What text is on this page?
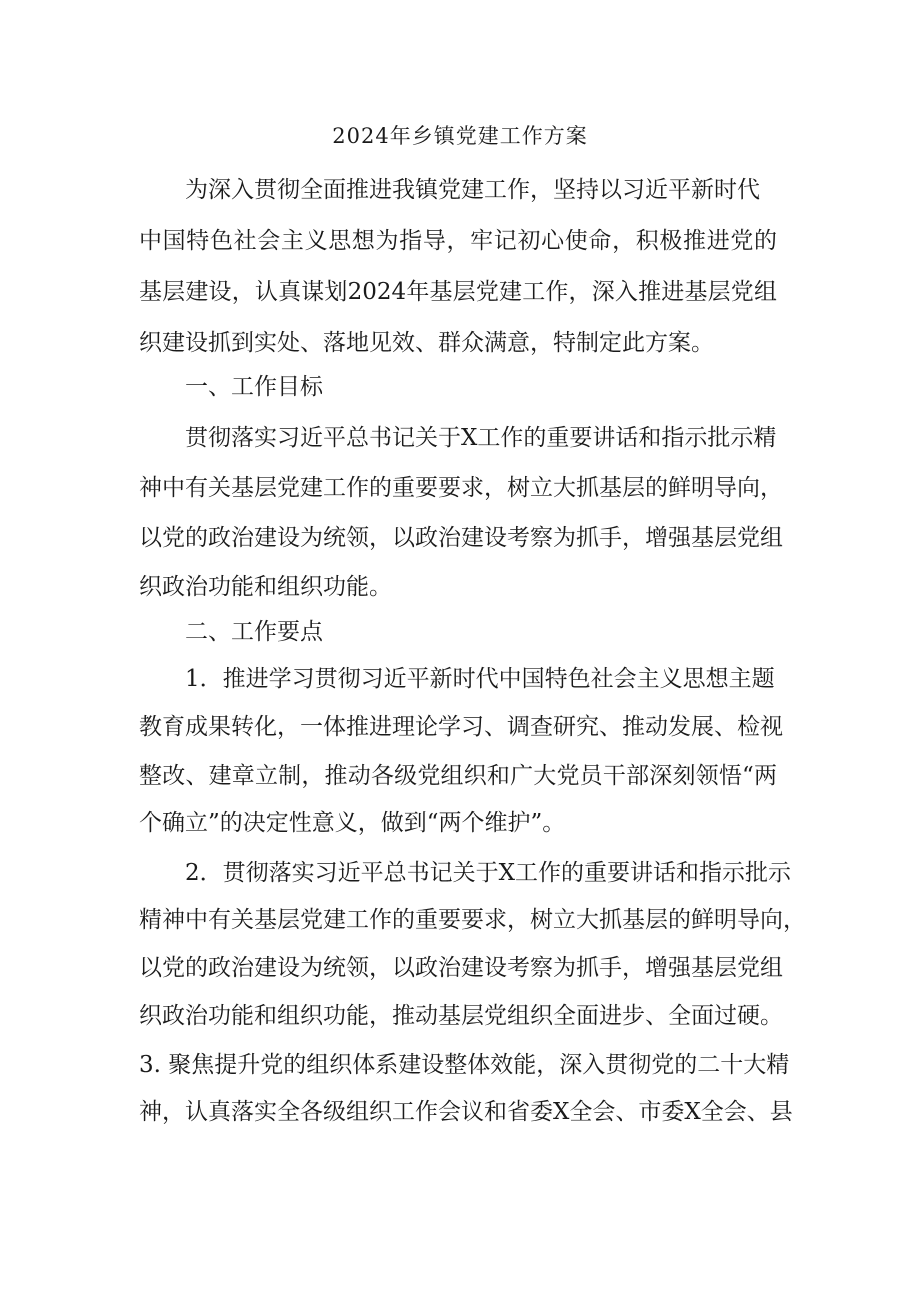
2024年乡镇党建工作方案
为深入贯彻全面推进我镇党建工作，坚持以习近平新时代
中国特色社会主义思想为指导，牢记初心使命，积极推进党的
基层建设，认真谋划2024年基层党建工作，深入推进基层党组
织建设抓到实处、落地见效、群众满意，特制定此方案。
一、工作目标
贯彻落实习近平总书记关于X工作的重要讲话和指示批示精
神中有关基层党建工作的重要要求，树立大抓基层的鲜明导向，
以党的政治建设为统领，以政治建设考察为抓手，增强基层党组
织政治功能和组织功能。
二、工作要点
1．推进学习贯彻习近平新时代中国特色社会主义思想主题
教育成果转化，一体推进理论学习、调查研究、推动发展、检视
整改、建章立制，推动各级党组织和广大党员干部深刻领悟“两
个确立”的决定性意义，做到“两个维护”。
2．贯彻落实习近平总书记关于X工作的重要讲话和指示批示
精神中有关基层党建工作的重要要求，树立大抓基层的鲜明导向，
以党的政治建设为统领，以政治建设考察为抓手，增强基层党组
织政治功能和组织功能，推动基层党组织全面进步、全面过硬。
3. 聚焦提升党的组织体系建设整体效能，深入贯彻党的二十大精
神，认真落实全各级组织工作会议和省委X全会、市委X全会、县
